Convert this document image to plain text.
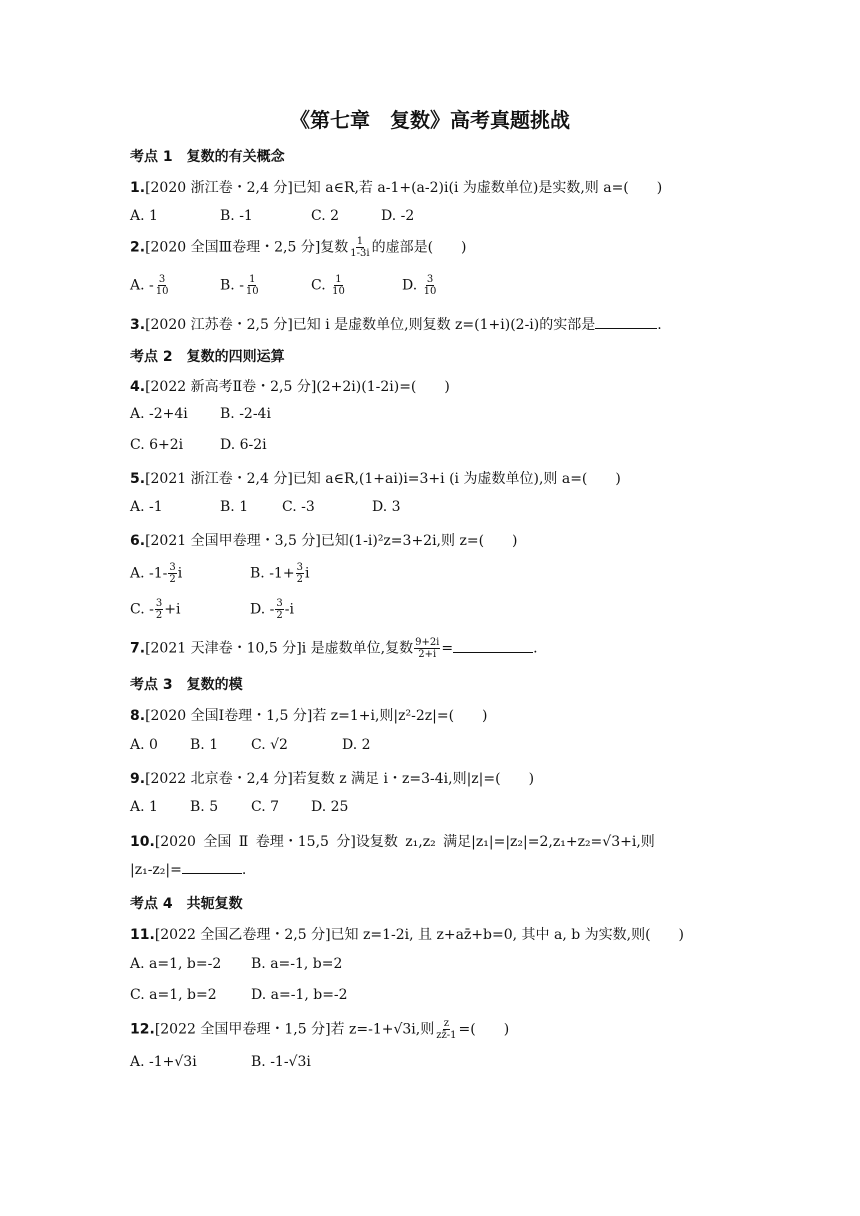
《第七章　复数》高考真题挑战
考点 1 复数的有关概念
1.[2020 浙江卷・2,4 分]已知 a∈R,若 a-1+(a-2)i(i 为虚数单位)是实数,则 a=(　　)
A. 1	B. -1	C. 2	D. -2
2.[2020 全国Ⅲ卷理・2,5 分]复数 $\frac{1}{1-3i}$ 的虚部是(　　)
A. - $\frac{3}{10}$	B. - $\frac{1}{10}$	C. $\frac{1}{10}$	D. $\frac{3}{10}$
3.[2020 江苏卷・2,5 分]已知 i 是虚数单位,则复数 z=(1+i)(2-i)的实部是	.
考点 2 复数的四则运算
4.[2022 新高考Ⅱ卷・2,5 分](2+2i)(1-2i)=(　　)
A. -2+4i B. -2-4i
C. 6+2i	D. 6-2i
5.[2021 浙江卷・2,4 分]已知 a∈R,(1+ai)i=3+i (i 为虚数单位),则 a=(　　)
A. -1	B. 1 C. -3	D. 3
6.[2021 全国甲卷理・3,5 分]已知(1-i)²z=3+2i,则 z=(　　)
A. $-1- \frac{3}{2}$ i	B. $-1+ \frac{3}{2}$ i
C. - $\frac{3}{2} +i$	D. - $\frac{3}{2} -i$
7.[2021 天津卷・10,5 分]i 是虚数单位,复数 $\frac{9+2i}{2+i}$ =	.
考点 3 复数的模
8.[2020 全国Ⅰ卷理・1,5 分]若 z=1+i,则|z²-2z|=(　　)
A. 0 B. 1 C. √2	D. 2
9.[2022 北京卷・2,4 分]若复数 z 满足 i・z=3-4i,则|z|=(　　)
A. 1 B. 5 C. 7 D. 25
10.[2020 全国 Ⅱ 卷理・15,5 分]设复数 z₁,z₂ 满足|z₁|=|z₂|=2,z₁+z₂=√3+i,则
|z₁-z₂|=	.
考点 4 共轭复数
11.[2022 全国乙卷理・2,5 分]已知 z=1-2i, 且 z+az̄+b=0, 其中 a, b 为实数,则(　　)
A. a=1, b=-2 B. a=-1, b=2
C. a=1, b=2 D. a=-1, b=-2
12.[2022 全国甲卷理・1,5 分]若 z=-1+√3i,则 $\frac{z}{zz̄-1}$ =(　　)
A. -1+√3i	B. -1-√3i
